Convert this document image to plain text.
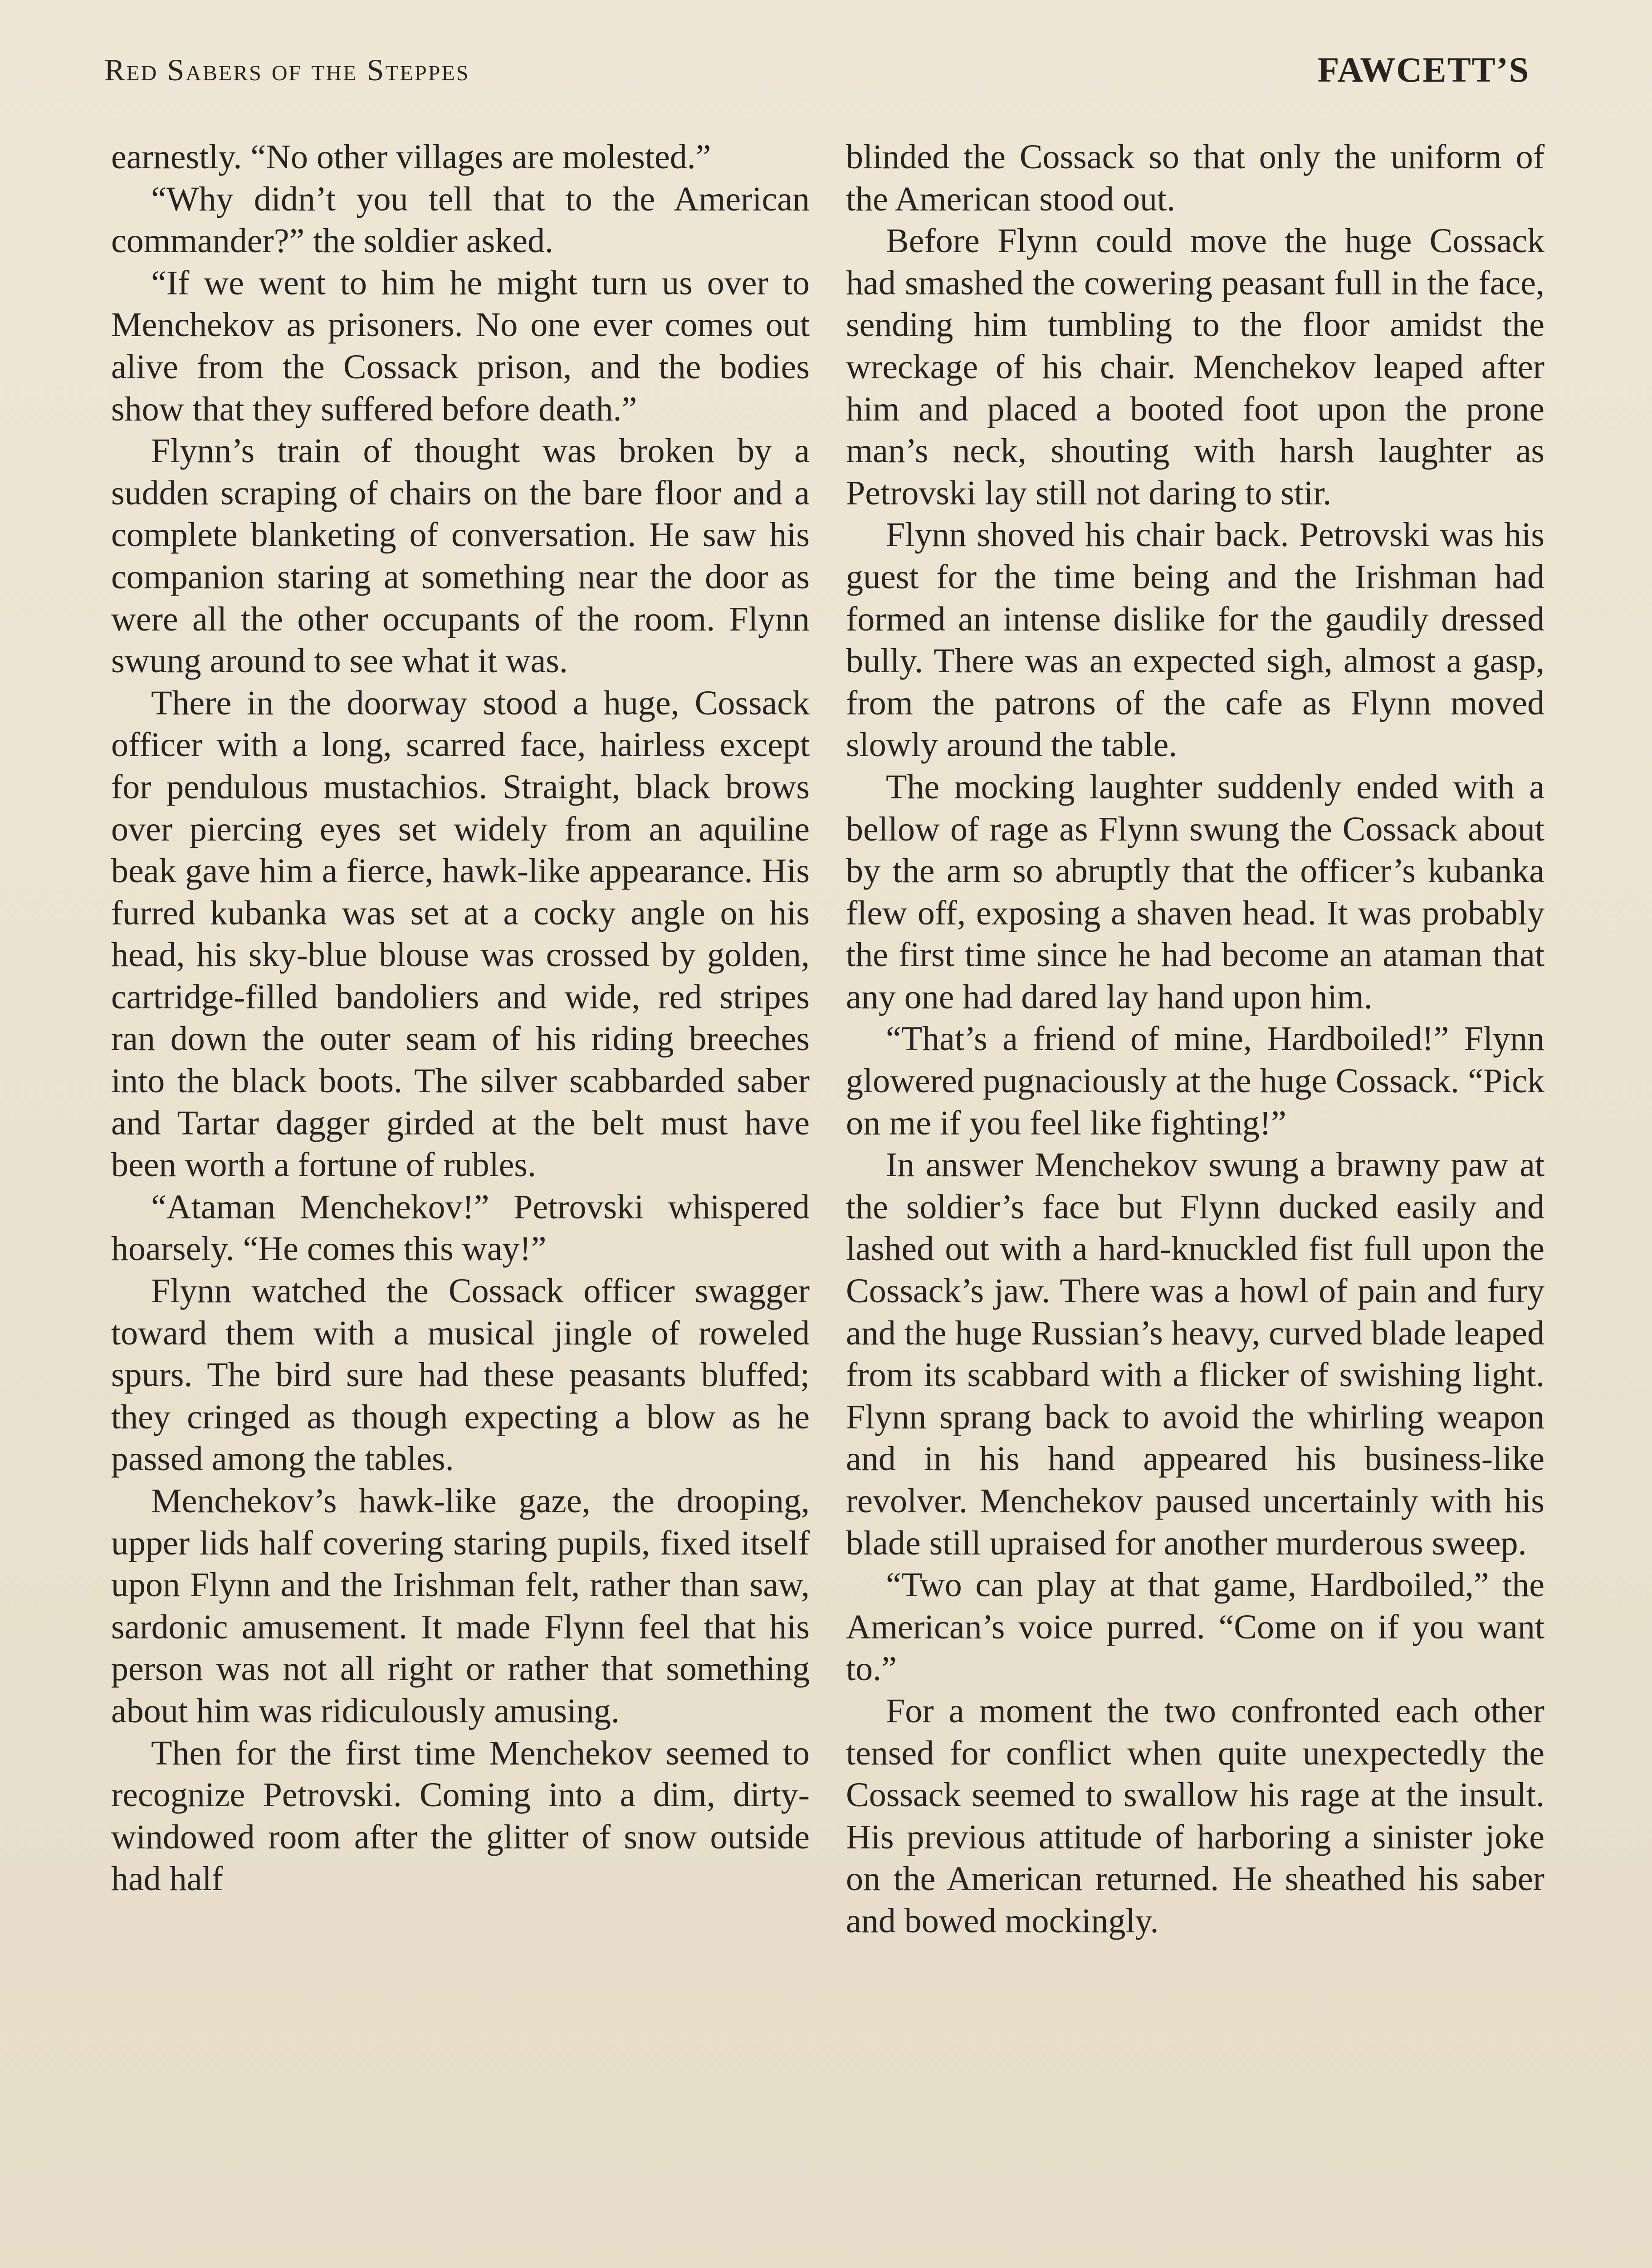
Red Sabers of the Steppes	FAWCETT’S

earnestly. “No other villages are molested.”

“Why didn’t you tell that to the American commander?” the soldier asked.

“If we went to him he might turn us over to Menchekov as prisoners. No one ever comes out alive from the Cossack prison, and the bodies show that they suffered before death.”

Flynn’s train of thought was broken by a sudden scraping of chairs on the bare floor and a complete blanketing of conversation. He saw his companion staring at something near the door as were all the other occupants of the room. Flynn swung around to see what it was.

There in the doorway stood a huge, Cossack officer with a long, scarred face, hairless except for pendulous mustachios. Straight, black brows over piercing eyes set widely from an aquiline beak gave him a fierce, hawk-like appearance. His furred kubanka was set at a cocky angle on his head, his sky-blue blouse was crossed by golden, cartridge-filled bandoliers and wide, red stripes ran down the outer seam of his riding breeches into the black boots. The silver scabbarded saber and Tartar dagger girded at the belt must have been worth a fortune of rubles.

“Ataman Menchekov!” Petrovski whispered hoarsely. “He comes this way!”

Flynn watched the Cossack officer swagger toward them with a musical jingle of roweled spurs. The bird sure had these peasants bluffed; they cringed as though expecting a blow as he passed among the tables.

Menchekov’s hawk-like gaze, the drooping, upper lids half covering staring pupils, fixed itself upon Flynn and the Irishman felt, rather than saw, sardonic amusement. It made Flynn feel that his person was not all right or rather that something about him was ridiculously amusing.

Then for the first time Menchekov seemed to recognize Petrovski. Coming into a dim, dirty-windowed room after the glitter of snow outside had half

blinded the Cossack so that only the uniform of the American stood out.

Before Flynn could move the huge Cossack had smashed the cowering peasant full in the face, sending him tumbling to the floor amidst the wreckage of his chair. Menchekov leaped after him and placed a booted foot upon the prone man’s neck, shouting with harsh laughter as Petrovski lay still not daring to stir.

Flynn shoved his chair back. Petrovski was his guest for the time being and the Irishman had formed an intense dislike for the gaudily dressed bully. There was an expected sigh, almost a gasp, from the patrons of the cafe as Flynn moved slowly around the table.

The mocking laughter suddenly ended with a bellow of rage as Flynn swung the Cossack about by the arm so abruptly that the officer’s kubanka flew off, exposing a shaven head. It was probably the first time since he had become an ataman that any one had dared lay hand upon him.

“That’s a friend of mine, Hardboiled!” Flynn glowered pugnaciously at the huge Cossack. “Pick on me if you feel like fighting!”

In answer Menchekov swung a brawny paw at the soldier’s face but Flynn ducked easily and lashed out with a hard-knuckled fist full upon the Cossack’s jaw. There was a howl of pain and fury and the huge Russian’s heavy, curved blade leaped from its scabbard with a flicker of swishing light. Flynn sprang back to avoid the whirling weapon and in his hand appeared his business-like revolver. Menchekov paused uncertainly with his blade still upraised for another murderous sweep.

“Two can play at that game, Hardboiled,” the American’s voice purred. “Come on if you want to.”

For a moment the two confronted each other tensed for conflict when quite unexpectedly the Cossack seemed to swallow his rage at the insult. His previous attitude of harboring a sinister joke on the American returned. He sheathed his saber and bowed mockingly.
